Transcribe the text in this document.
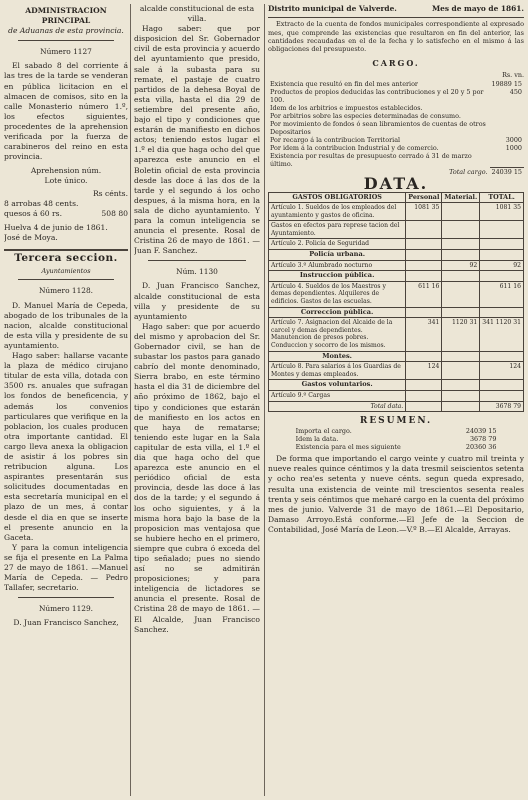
ADMINISTRACION PRINCIPAL
de Aduanas de esta provincia.
Número 1127
El sabado 8 del corriente á las tres de la tarde se venderan en pública licitacion en el almacen de comisos, sito en la calle Monasterio número 1.º, los efectos siguientes, procedentes de la aprehension verificada por la fuerza de carabineros del reino en esta provincia.
Aprehension núm.
Lote único.
Rs cénts.
8 arrobas 48 cents.
quesos á 60 rs.	508 80
Huelva 4 de junio de 1861.
José de Moya.
Tercera seccion.
Ayuntamientos
Número 1128.
D. Manuel María de Cepeda, abogado de los tribunales de la nacion, alcalde constitucional de esta villa y presidente de su ayuntamiento.
Hago saber: hallarse vacante la plaza de médico cirujano titular de esta villa, dotada con 3500 rs. anuales que sufragan los fondos de beneficencia, y además los convenios particulares que verifique en la poblacion, los cuales producen otra importante cantidad. El cargo lleva anexa la obligacion de asistir á los pobres sin retribucion alguna. Los aspirantes presentarán sus solicitudes documentadas en esta secretaría municipal en el plazo de un mes, á contar desde el dia en que se inserte el presente anuncio en la Gaceta.
Y para la comun inteligencia se fija el presente en La Palma 27 de mayo de 1861. —Manuel María de Cepeda. — Pedro Tallafer, secretario.
Número 1129.
D. Juan Francisco Sanchez,
alcalde constitucional de esta villa.
Hago saber: que por disposicion del Sr. Gobernador civil de esta provincia y acuerdo del ayuntamiento que presido, sale á la subasta para su remate, el pastaje de cuatro partidos de la dehesa Boyal de esta villa, hasta el dia 29 de setiembre del presente año, bajo el tipo y condiciones que estarán de manifiesto en dichos actos; teniendo estos lugar el 1.º el dia que haga ocho del que aparezca este anuncio en el Boletin oficial de esta provincia desde las doce á las dos de la tarde y el segundo á los ocho despues, á la misma hora, en la sala de dicho ayuntamiento. Y para la comun inteligencia se anuncia el presente. Rosal de Cristina 26 de mayo de 1861. — Juan F. Sanchez.
Núm. 1130
D. Juan Francisco Sanchez, alcalde constitucional de esta villa y presidente de su ayuntamiento
Hago saber: que por acuerdo del mismo y aprobacion del Sr. Gobernador civil, se han de subastar los pastos para ganado cabrío del monte denominado, Sierra brabo, en este término hasta el dia 31 de diciembre del año próximo de 1862, bajo el tipo y condiciones que estarán de manifiesto en los actos en que haya de rematarse; teniendo este lugar en la Sala capitular de esta villa, el 1.º el dia que haga ocho del que aparezca este anuncio en el periódico oficial de esta provincia, desde las doce á las dos de la tarde; y el segundo á los ocho siguientes, y á la misma hora bajo la base de la proposicion mas ventajosa que se hubiere hecho en el primero, siempre que cubra ó exceda del tipo señalado; pues no siendo así no se admitirán proposiciones; y para inteligencia de lictadores se anuncia el presente. Rosal de Cristina 28 de mayo de 1861. —El Alcalde, Juan Francisco Sanchez.
Distrito municipal de Valverde.	Mes de mayo de 1861.
Extracto de la cuenta de fondos municipales correspondiente al expresado mes, que comprende las existencias que resultaron en fin del anterior, las cantidades recaudadas en el de la fecha y lo satisfecho en el mismo á las obligaciones del presupuesto.
CARGO.
Rs. vn.
Existencia que resultó en fin del mes anterior	19889 15
Productos de propios deducidas las contribuciones y el 20 y 5 por 100.	450
Idem de los arbitrios e impuestos establecidos.	
Por arbitrios sobre las especies determinadas de consumo.	
Por movimiento de fondos ó sean libramientos de cuentas de otros Depositarios	
Por recargo á la contribucion Territorial	3000
Por idem á la contribucion Industrial y de comercio.	1000
Existencia por resultas de presupuesto cerrado á 31 de marzo último.	
Total cargo.	24039 15
DATA.
GASTOS OBLIGATORIOS	Personal	Material.	TOTAL.
Artículo 1. Sueldos de los empleados del ayuntamiento y gastos de oficina.	1081 35		1081 35
Gastos en efectos para represe tacion del Ayuntamiento.			
Artículo 2. Policía de Seguridad			
Policía urbana.			
Artículo 3.º Alumbrado nocturno		92	92
Instruccion pública.			
Artículo 4. Sueldos de los Maestros y demas dependientes. Alquileres de edificios. Gastos de las escuelas.	611 16		611 16
Correccion pública.			
Artículo 7. Asignacion del Alcaide de la carcel y demas dependientes. Manutencion de presos pobres. Conduccion y socorro de los mismos.	341	1120 31	341 1120 31
Montes.			
Artículo 8. Para salarios á los Guardias de Montes y demas empleados.	124		124
Gastos voluntarios.			
Artículo 9.º Cargas			
Total data.			3678 79
RESUMEN.
Importa el cargo.	24039 15
Idem la data.	3678 79
Existencia para el mes siguiente	20360 36
De forma que importando el cargo veinte y cuatro mil treinta y nueve reales quince céntimos y la data tresmil seiscientos setenta y ocho rea'es setenta y nueve cénts. segun queda expresado, resulta una existencia de veinte mil trescientos sesenta reales trenta y seis céntimos que meharé cargo en la cuenta del próximo mes de junio. Valverde 31 de mayo de 1861.—El Depositario, Damaso Arroyo.Está conforme.—El Jefe de la Seccion de Contabilidad, José María de Leon.—V.º B.—El Alcalde, Arrayas.
